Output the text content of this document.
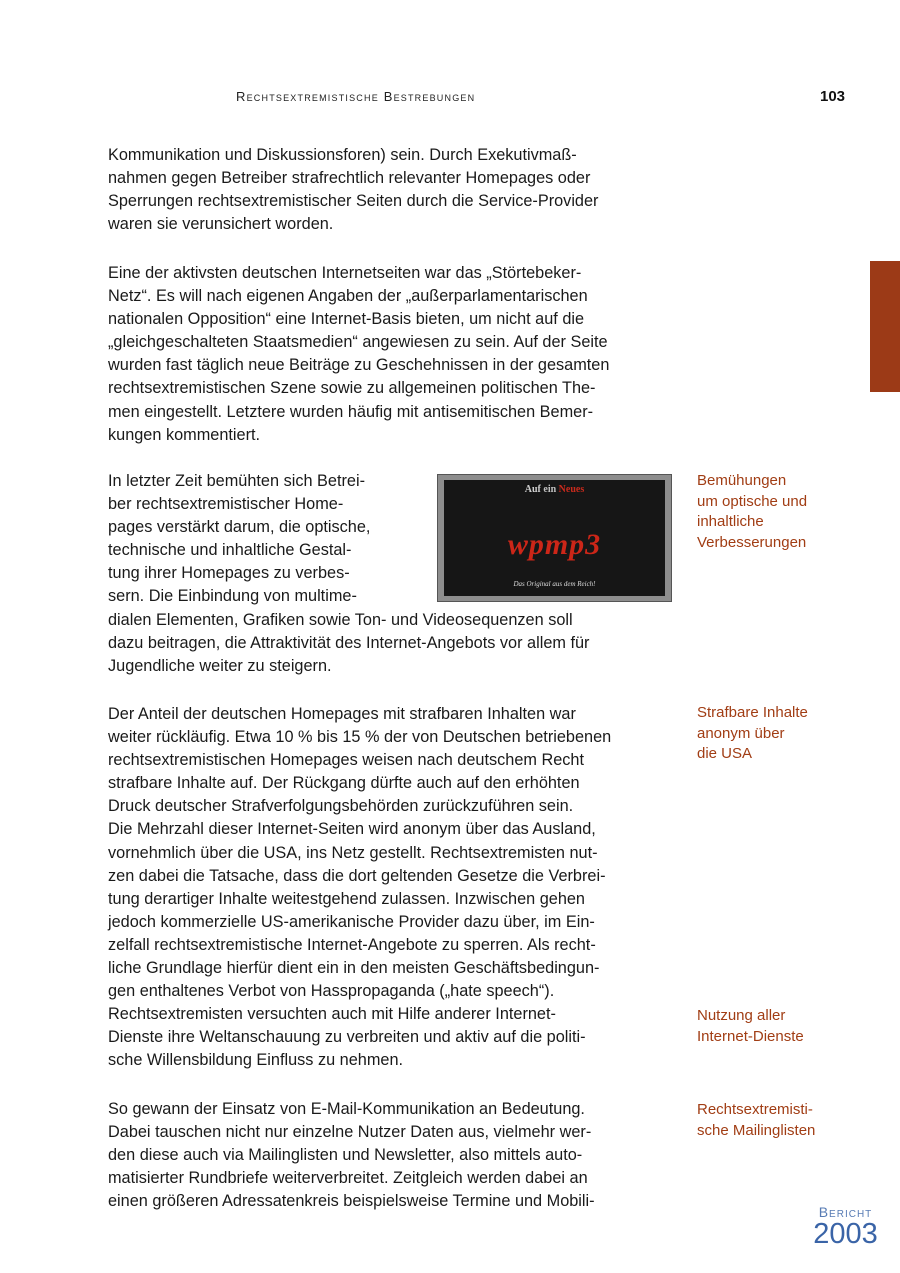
Rechtsextremistische Bestrebungen	103
Kommunikation und Diskussionsforen) sein. Durch Exekutivmaß-
nahmen gegen Betreiber strafrechtlich relevanter Homepages oder
Sperrungen rechtsextremistischer Seiten durch die Service-Provider
waren sie verunsichert worden.
Eine der aktivsten deutschen Internetseiten war das „Störtebeker-
Netz“. Es will nach eigenen Angaben der „außerparlamentarischen
nationalen Opposition“ eine Internet-Basis bieten, um nicht auf die
„gleichgeschalteten Staatsmedien“ angewiesen zu sein. Auf der Seite
wurden fast täglich neue Beiträge zu Geschehnissen in der gesamten
rechtsextremistischen Szene sowie zu allgemeinen politischen The-
men eingestellt. Letztere wurden häufig mit antisemitischen Bemer-
kungen kommentiert.
In letzter Zeit bemühten sich Betrei-
ber rechtsextremistischer Home-
pages verstärkt darum, die optische,
technische und inhaltliche Gestal-
tung ihrer Homepages zu verbes-
sern. Die Einbindung von multime-
dialen Elementen, Grafiken sowie Ton- und Videosequenzen soll
dazu beitragen, die Attraktivität des Internet-Angebots vor allem für
Jugendliche weiter zu steigern.
Auf ein Neues
wpmp3
Das Original aus dem Reich!
Der Anteil der deutschen Homepages mit strafbaren Inhalten war
weiter rückläufig. Etwa 10 % bis 15 % der von Deutschen betriebenen
rechtsextremistischen Homepages weisen nach deutschem Recht
strafbare Inhalte auf. Der Rückgang dürfte auch auf den erhöhten
Druck deutscher Strafverfolgungsbehörden zurückzuführen sein.
Die Mehrzahl dieser Internet-Seiten wird anonym über das Ausland,
vornehmlich über die USA, ins Netz gestellt. Rechtsextremisten nut-
zen dabei die Tatsache, dass die dort geltenden Gesetze die Verbrei-
tung derartiger Inhalte weitestgehend zulassen. Inzwischen gehen
jedoch kommerzielle US-amerikanische Provider dazu über, im Ein-
zelfall rechtsextremistische Internet-Angebote zu sperren. Als recht-
liche Grundlage hierfür dient ein in den meisten Geschäftsbedingun-
gen enthaltenes Verbot von Hasspropaganda („hate speech“).
Rechtsextremisten versuchten auch mit Hilfe anderer Internet-
Dienste ihre Weltanschauung zu verbreiten und aktiv auf die politi-
sche Willensbildung Einfluss zu nehmen.
So gewann der Einsatz von E-Mail-Kommunikation an Bedeutung.
Dabei tauschen nicht nur einzelne Nutzer Daten aus, vielmehr wer-
den diese auch via Mailinglisten und Newsletter, also mittels auto-
matisierter Rundbriefe weiterverbreitet. Zeitgleich werden dabei an
einen größeren Adressatenkreis beispielsweise Termine und Mobili-
Bemühungen
um optische und
inhaltliche
Verbesserungen
Strafbare Inhalte
anonym über
die USA
Nutzung aller
Internet-Dienste
Rechtsextremisti-
sche Mailinglisten
Bericht
2003
